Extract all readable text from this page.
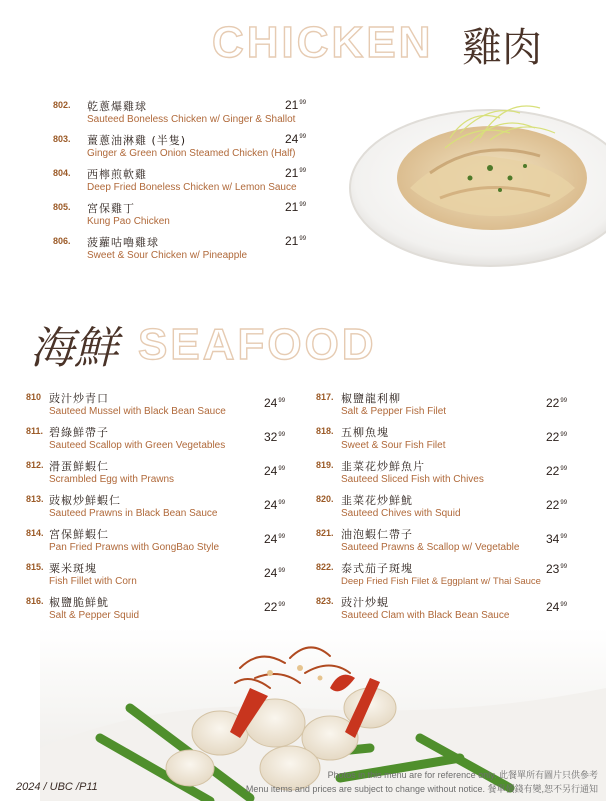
CHICKEN 雞肉
802. 乾蔥爆雞球
Sauteed Boneless Chicken w/ Ginger & Shallot
$21^{99}$
803. 薑蔥油淋雞 (半隻)
Ginger & Green Onion Steamed Chicken (Half)
$24^{99}$
804. 西檸煎軟雞
Deep Fried Boneless Chicken w/ Lemon Sauce
$21^{99}$
805. 宮保雞丁
Kung Pao Chicken
$21^{99}$
806. 菠蘿咕嚕雞球
Sweet & Sour Chicken w/ Pineapple
$21^{99}$
海鮮 SEAFOOD
810 豉汁炒青口
Sauteed Mussel with Black Bean Sauce
$24^{99}$
811. 碧綠鮮帶子
Sauteed Scallop with Green Vegetables
$32^{99}$
812. 滑蛋鮮蝦仁
Scrambled Egg with Prawns
$24^{99}$
813. 豉椒炒鮮蝦仁
Sauteed Prawns in Black Bean Sauce
$24^{99}$
814. 宮保鮮蝦仁
Pan Fried Prawns with GongBao Style
$24^{99}$
815. 粟米斑塊
Fish Fillet with Corn
$24^{99}$
816. 椒鹽脆鮮魷
Salt & Pepper Squid
$22^{99}$
817. 椒鹽龍利柳
Salt & Pepper Fish Filet
$22^{99}$
818. 五柳魚塊
Sweet & Sour Fish Filet
$22^{99}$
819. 韭菜花炒鮮魚片
Sauteed Sliced Fish with Chives
$22^{99}$
820. 韭菜花炒鮮魷
Sauteed Chives with Squid
$22^{99}$
821. 油泡蝦仁帶子
Sauteed Prawns & Scallop w/ Vegetable
$34^{99}$
822. 泰式茄子斑塊
Deep Fried Fish Filet & Eggplant w/ Thai Sauce
$23^{99}$
823. 豉汁炒蜆
Sauteed Clam with Black Bean Sauce
$24^{99}$
2024 / UBC /P11
Photos in this menu are for reference only. 此餐單所有圖片只供參考
Menu items and prices are subject to change without notice. 餐單價錢有變,恕不另行通知
